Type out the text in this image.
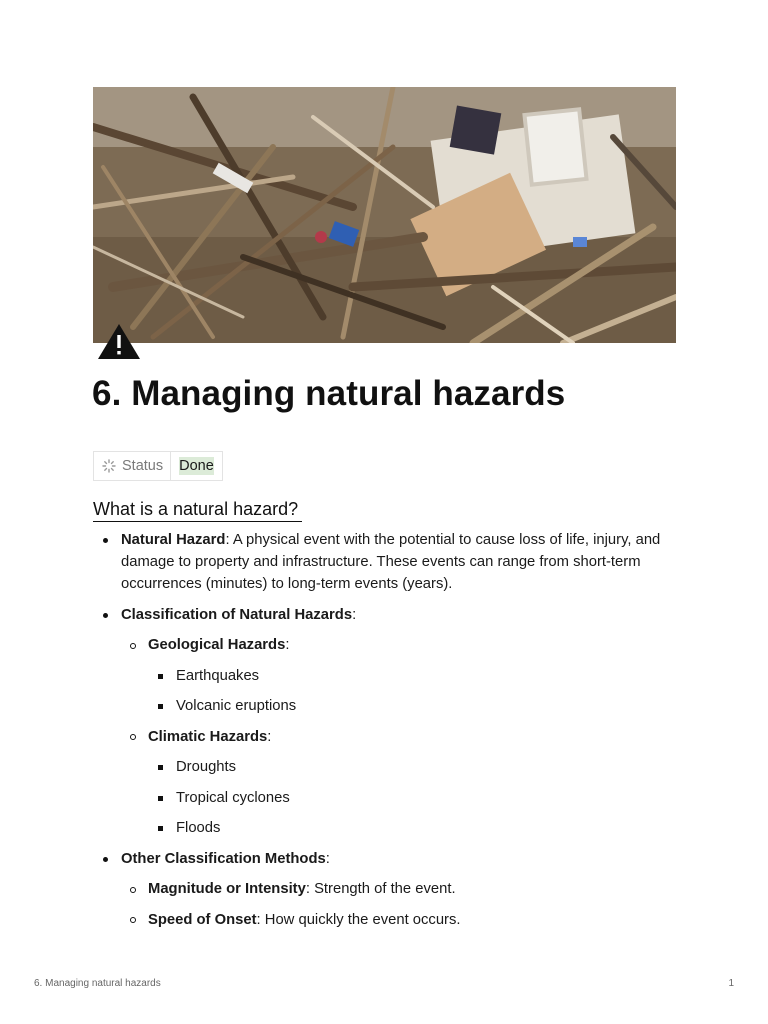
6. Managing natural hazards
Status Done
What is a natural hazard?
Natural Hazard: A physical event with the potential to cause loss of life, injury, and damage to property and infrastructure. These events can range from short-term occurrences (minutes) to long-term events (years).
Classification of Natural Hazards:
Geological Hazards:
Earthquakes
Volcanic eruptions
Climatic Hazards:
Droughts
Tropical cyclones
Floods
Other Classification Methods:
Magnitude or Intensity: Strength of the event.
Speed of Onset: How quickly the event occurs.
6. Managing natural hazards	1
